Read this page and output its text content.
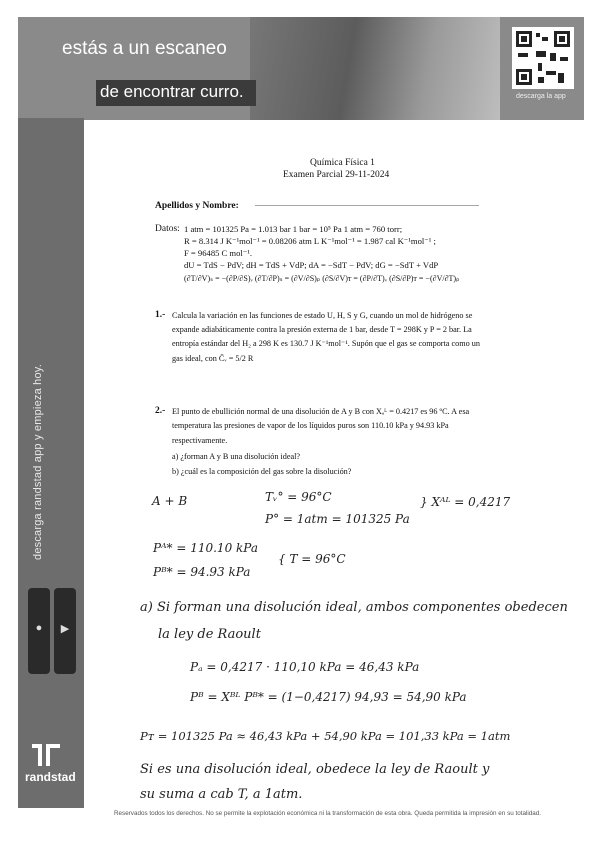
estás a un escaneo
de encontrar curro.	descarga la app
descarga randstad app y empieza hoy.
● ▶
randstad
Química Física 1
Examen Parcial 29-11-2024
Apellidos y Nombre: ................................................................................................................
Datos: 1 atm = 101325 Pa = 1.013 bar 1 bar = 10⁵ Pa 1 atm = 760 torr;
R = 8.314 J K⁻¹mol⁻¹ = 0.08206 atm L K⁻¹mol⁻¹ = 1.987 cal K⁻¹mol⁻¹ ;
F = 96485 C mol⁻¹.
dU = TdS − PdV; dH = TdS + VdP; dA = −SdT − PdV; dG = −SdT + VdP
(∂T/∂V)ₛ = −(∂P/∂S)ᵥ (∂T/∂P)ₛ = (∂V/∂S)ₚ (∂S/∂V)ᴛ = (∂P/∂T)ᵥ (∂S/∂P)ᴛ = −(∂V/∂T)ₚ
1.- Calcula la variación en las funciones de estado U, H, S y G, cuando un mol de hidrógeno se
expande adiabáticamente contra la presión externa de 1 bar, desde T = 298K y P = 2 bar. La
entropía estándar del H₂ a 298 K es 130.7 J K⁻¹mol⁻¹. Supón que el gas se comporta como un
gas ideal, con C̄ᵥ = 5/2 R
2.- El punto de ebullición normal de una disolución de A y B con Xₐᴸ = 0.4217 es 96 ºC. A esa
temperatura las presiones de vapor de los líquidos puros son 110.10 kPa y 94.93 kPa
respectivamente.
a) ¿forman A y B una disolución ideal?
b) ¿cuál es la composición del gas sobre la disolución?
A + B	Tᵥ° = 96°C
P° = 1atm = 101325 Pa
} Xᴬᴸ = 0,4217
Pᴬ* = 110.10 kPa
Pᴮ* = 94.93 kPa
{ T = 96°C
a) Si forman una disolución ideal, ambos componentes obedecen
la ley de Raoult
Pₐ = 0,4217 · 110,10 kPa = 46,43 kPa
Pᴮ = Xᴮᴸ Pᴮ* = (1−0,4217) 94,93 = 54,90 kPa
Pᴛ = 101325 Pa ≈ 46,43 kPa + 54,90 kPa = 101,33 kPa = 1atm
Si es una disolución ideal, obedece la ley de Raoult y
su suma a cab T, a 1atm.
Reservados todos los derechos. No se permite la explotación económica ni la transformación de esta obra. Queda permitida la impresión en su totalidad.
